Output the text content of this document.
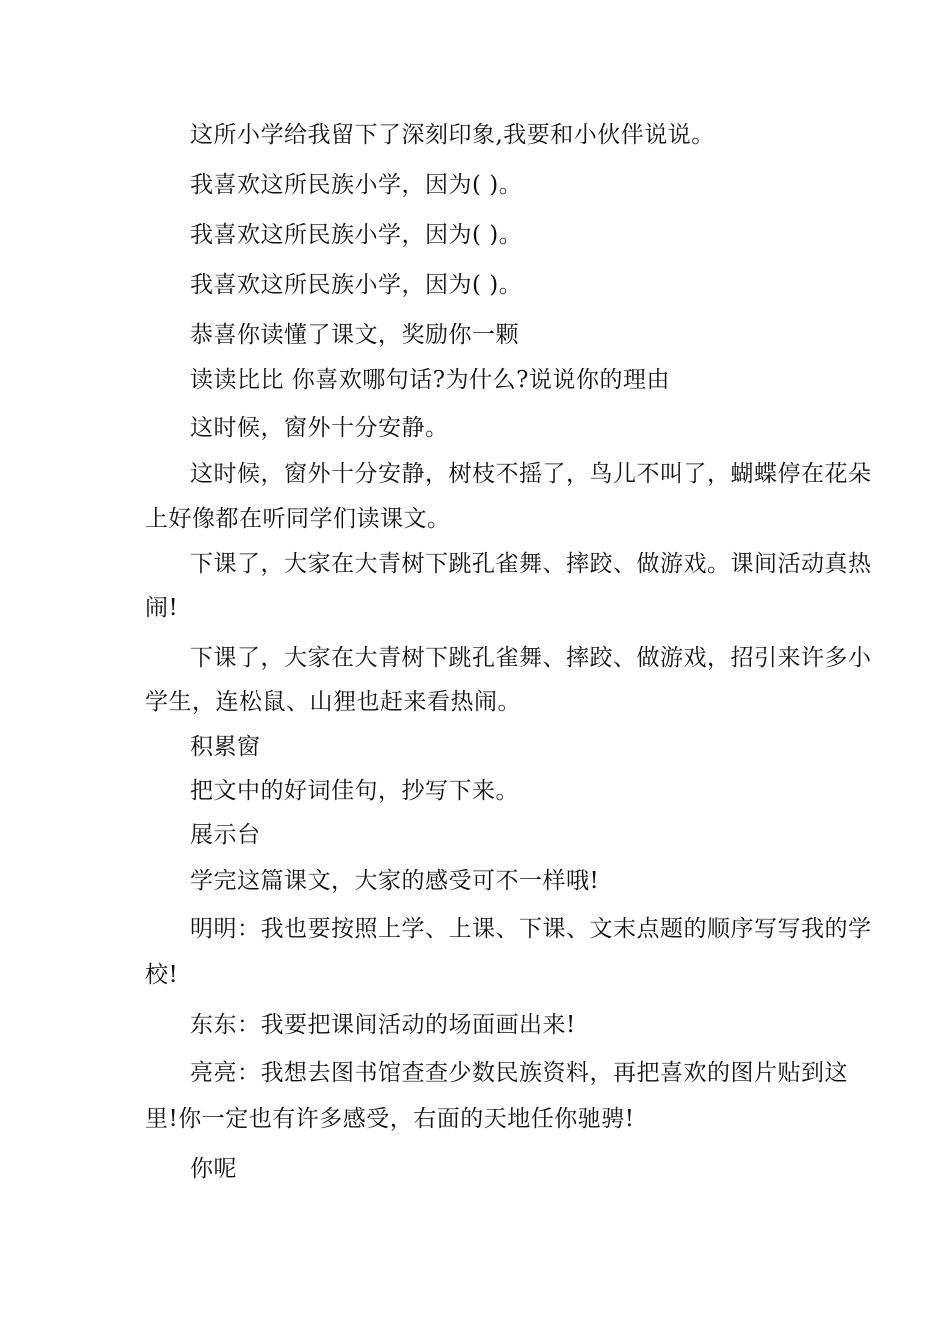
这所小学给我留下了深刻印象,我要和小伙伴说说。
我喜欢这所民族小学，因为( )。
我喜欢这所民族小学，因为( )。
我喜欢这所民族小学，因为( )。
恭喜你读懂了课文，奖励你一颗
读读比比 你喜欢哪句话?为什么?说说你的理由
这时候，窗外十分安静。
这时候，窗外十分安静，树枝不摇了，鸟儿不叫了，蝴蝶停在花朵
上好像都在听同学们读课文。
下课了，大家在大青树下跳孔雀舞、摔跤、做游戏。课间活动真热
闹!
下课了，大家在大青树下跳孔雀舞、摔跤、做游戏，招引来许多小
学生，连松鼠、山狸也赶来看热闹。
积累窗
把文中的好词佳句，抄写下来。
展示台
学完这篇课文，大家的感受可不一样哦!
明明：我也要按照上学、上课、下课、文末点题的顺序写写我的学
校!
东东：我要把课间活动的场面画出来!
亮亮：我想去图书馆查查少数民族资料，再把喜欢的图片贴到这
里!你一定也有许多感受，右面的天地任你驰骋!
你呢
